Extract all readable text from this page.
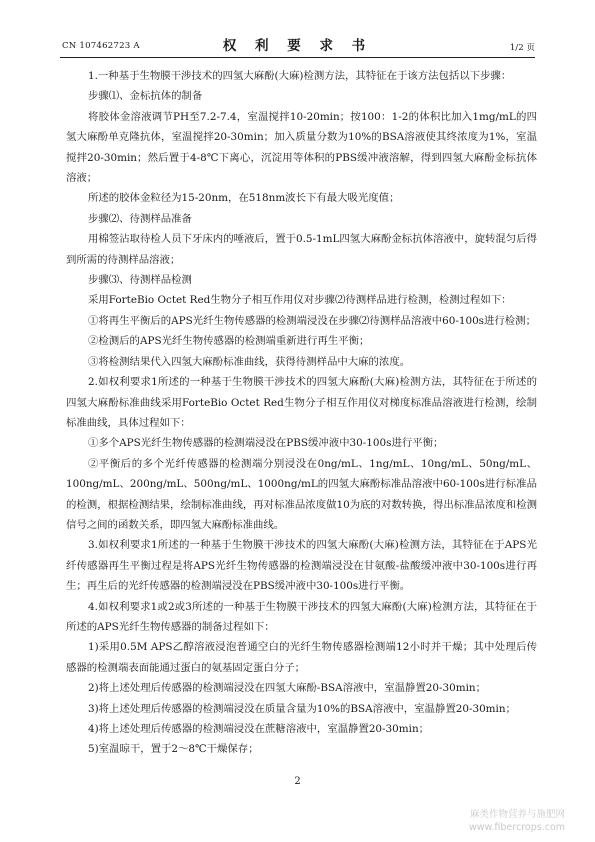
CN 107462723 A	权 利 要 求 书	1/2 页

1.一种基于生物膜干涉技术的四氢大麻酚(大麻)检测方法，其特征在于该方法包括以下步骤：

步骤⑴、金标抗体的制备

将胶体金溶液调节PH至7.2-7.4，室温搅拌10-20min；按100：1-2的体积比加入1mg/mL的四氢大麻酚单克隆抗体，室温搅拌20-30min；加入质量分数为10%的BSA溶液使其终浓度为1%，室温搅拌20-30min；然后置于4-8℃下离心，沉淀用等体积的PBS缓冲液溶解，得到四氢大麻酚金标抗体溶液；

所述的胶体金粒径为15-20nm，在518nm波长下有最大吸光度值；

步骤⑵、待测样品准备

用棉签沾取待检人员下牙床内的唾液后，置于0.5-1mL四氢大麻酚金标抗体溶液中，旋转混匀后得到所需的待测样品溶液；

步骤⑶、待测样品检测

采用ForteBio Octet Red生物分子相互作用仪对步骤⑵待测样品进行检测，检测过程如下：

①将再生平衡后的APS光纤生物传感器的检测端浸没在步骤⑵待测样品溶液中60-100s进行检测；

②检测后的APS光纤生物传感器的检测端重新进行再生平衡；

③将检测结果代入四氢大麻酚标准曲线，获得待测样品中大麻的浓度。

2.如权利要求1所述的一种基于生物膜干涉技术的四氢大麻酚(大麻)检测方法，其特征在于所述的四氢大麻酚标准曲线采用ForteBio Octet Red生物分子相互作用仪对梯度标准品溶液进行检测，绘制标准曲线，具体过程如下：

①多个APS光纤生物传感器的检测端浸没在PBS缓冲液中30-100s进行平衡；

②平衡后的多个光纤传感器的检测端分别浸没在0ng/mL、1ng/mL、10ng/mL、50ng/mL、100ng/mL、200ng/mL、500ng/mL、1000ng/mL的四氢大麻酚标准品溶液中60-100s进行标准品的检测，根据检测结果，绘制标准曲线，再对标准品浓度做10为底的对数转换，得出标准品浓度和检测信号之间的函数关系，即四氢大麻酚标准曲线。

3.如权利要求1所述的一种基于生物膜干涉技术的四氢大麻酚(大麻)检测方法，其特征在于APS光纤传感器再生平衡过程是将APS光纤生物传感器的检测端浸没在甘氨酸-盐酸缓冲液中30-100s进行再生；再生后的光纤传感器的检测端浸没在PBS缓冲液中30-100s进行平衡。

4.如权利要求1或2或3所述的一种基于生物膜干涉技术的四氢大麻酚(大麻)检测方法，其特征在于所述的APS光纤生物传感器的制备过程如下：

1)采用0.5M APS乙醇溶液浸泡普通空白的光纤生物传感器检测端12小时并干燥；其中处理后传感器的检测端表面能通过蛋白的氨基固定蛋白分子；

2)将上述处理后传感器的检测端浸没在四氢大麻酚-BSA溶液中，室温静置20-30min；

3)将上述处理后传感器的检测端浸没在质量含量为10%的BSA溶液中，室温静置20-30min；

4)将上述处理后传感器的检测端浸没在蔗糖溶液中，室温静置20-30min；

5)室温晾干，置于2～8℃干燥保存；

2
麻类作物营养与施肥网
www.fibercrops.com
